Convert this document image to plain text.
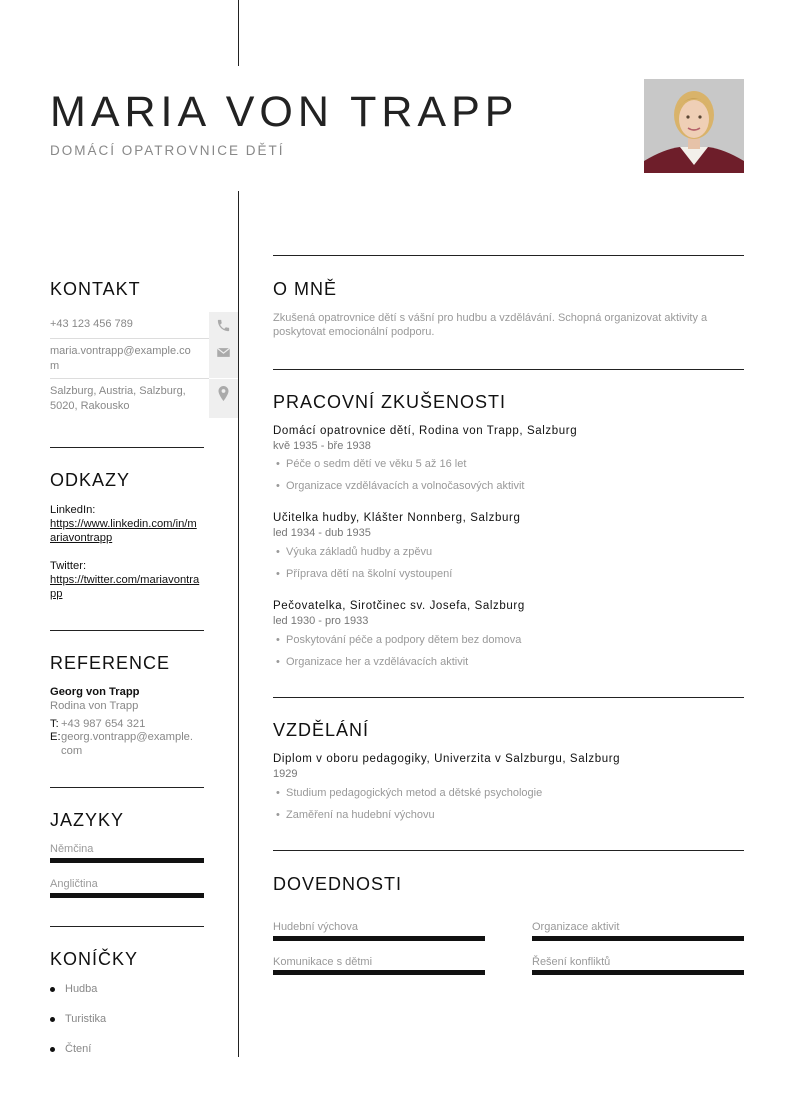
MARIA VON TRAPP
DOMÁCÍ OPATROVNICE DĚTÍ
KONTAKT
+43 123 456 789
maria.vontrapp@example.co m
Salzburg, Austria, Salzburg, 5020, Rakousko
ODKAZY
LinkedIn:
https://www.linkedin.com/in/mariavontrapp
Twitter:
https://twitter.com/mariavontrapp
REFERENCE
Georg von Trapp
Rodina von Trapp
T: +43 987 654 321
E: georg.vontrapp@example. com
JAZYKY
Němčina
Angličtina
KONÍČKY
Hudba
Turistika
Čtení
O MNĚ
Zkušená opatrovnice dětí s vášní pro hudbu a vzdělávání. Schopná organizovat aktivity a poskytovat emocionální podporu.
PRACOVNÍ ZKUŠENOSTI
Domácí opatrovnice dětí, Rodina von Trapp, Salzburg
kvě 1935 - bře 1938
• Péče o sedm dětí ve věku 5 až 16 let
• Organizace vzdělávacích a volnočasových aktivit
Učitelka hudby, Klášter Nonnberg, Salzburg
led 1934 - dub 1935
• Výuka základů hudby a zpěvu
• Příprava dětí na školní vystoupení
Pečovatelka, Sirotčinec sv. Josefa, Salzburg
led 1930 - pro 1933
• Poskytování péče a podpory dětem bez domova
• Organizace her a vzdělávacích aktivit
VZDĚLÁNÍ
Diplom v oboru pedagogiky, Univerzita v Salzburgu, Salzburg
1929
• Studium pedagogických metod a dětské psychologie
• Zaměření na hudební výchovu
DOVEDNOSTI
Hudební výchova	Organizace aktivit
Komunikace s dětmi	Řešení konfliktů
